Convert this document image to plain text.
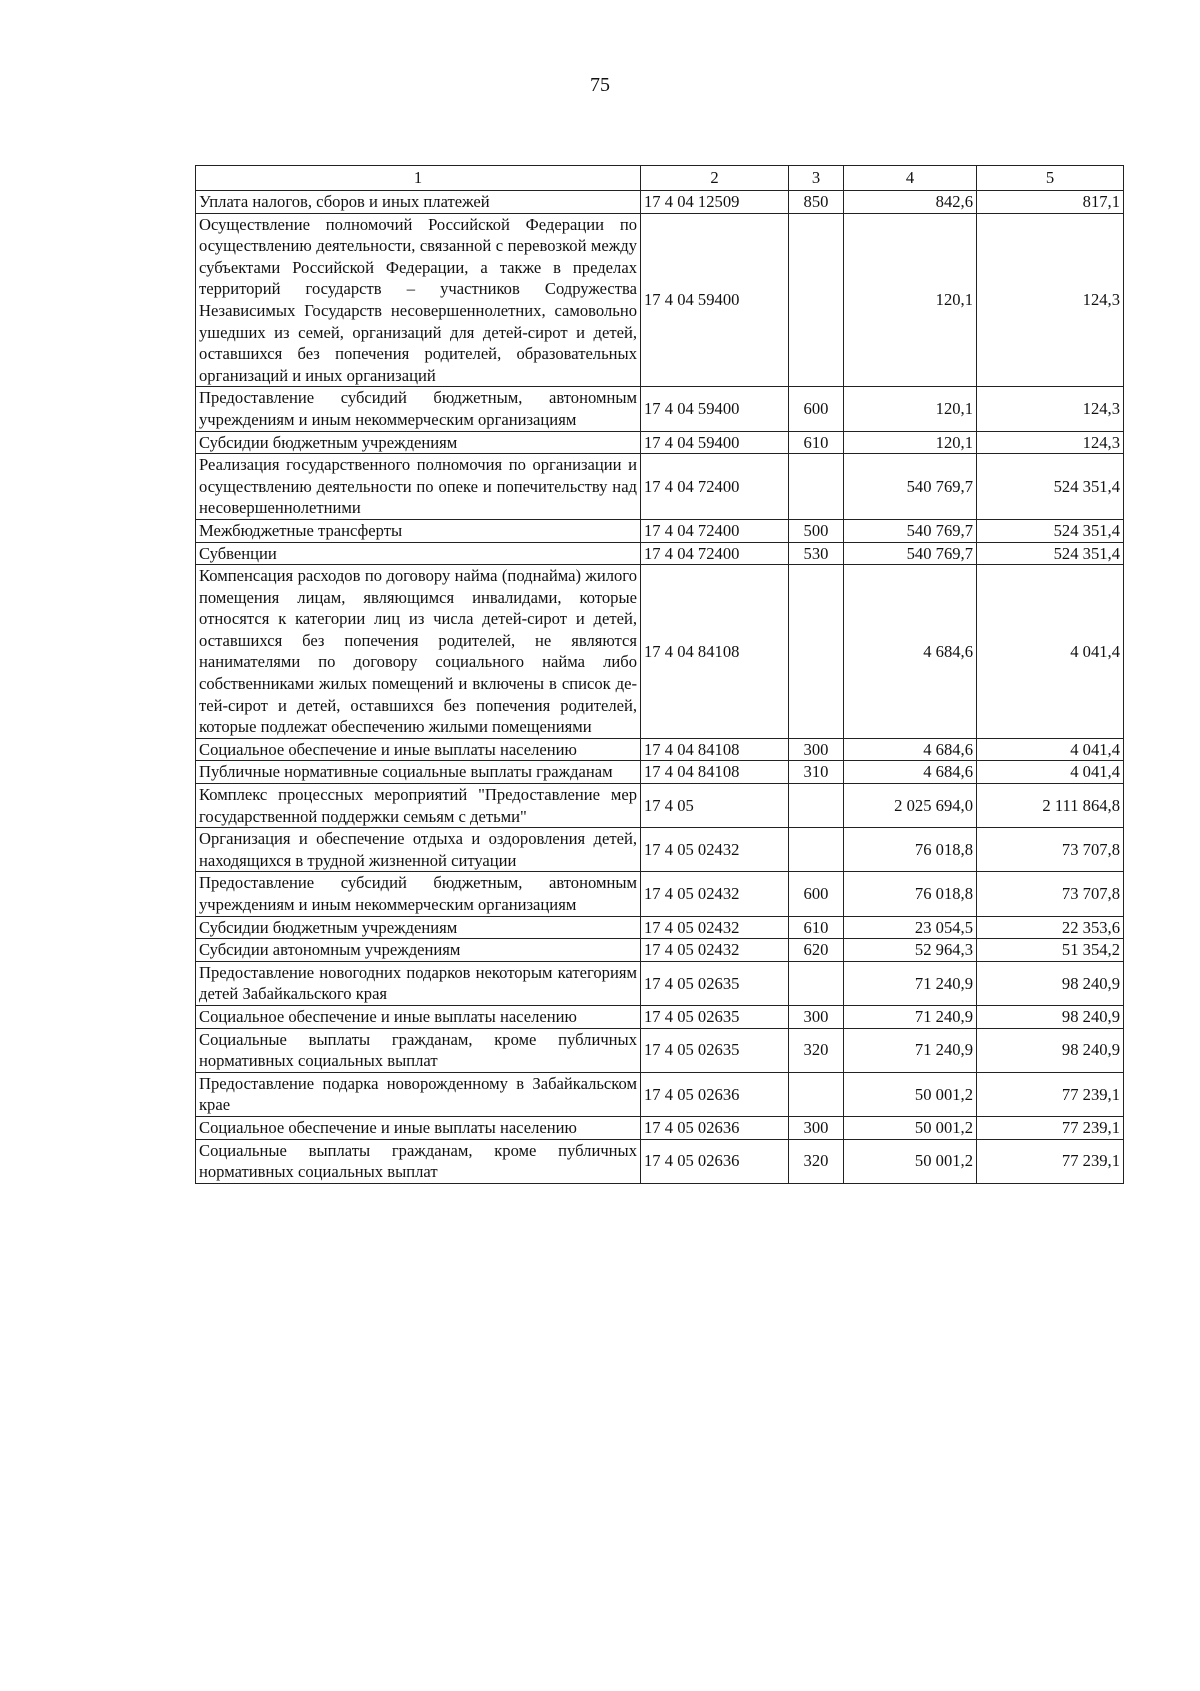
75
1	2	3	4	5
Уплата налогов, сборов и иных платежей	17 4 04 12509	850	842,6	817,1
Осуществление полномочий Российской Федерации по осуществлению деятельности, связанной с перевозкой между субъектами Российской Федерации, а также в пределах территорий государств – участников Содружества Независимых Государств несовершеннолетних, самовольно ушедших из семей, организаций для детей-сирот и детей, оставшихся без попечения родителей, образовательных организаций и иных организаций	17 4 04 59400		120,1	124,3
Предоставление субсидий бюджетным, автономным учреждениям и иным некоммерческим организациям	17 4 04 59400	600	120,1	124,3
Субсидии бюджетным учреждениям	17 4 04 59400	610	120,1	124,3
Реализация государственного полномочия по организации и осуществлению деятельности по опеке и попечительству над несовершеннолетними	17 4 04 72400		540 769,7	524 351,4
Межбюджетные трансферты	17 4 04 72400	500	540 769,7	524 351,4
Субвенции	17 4 04 72400	530	540 769,7	524 351,4
Компенсация расходов по договору найма (поднайма) жилого помещения лицам, являющимся инвалидами, которые относятся к категории лиц из числа детей-сирот и детей, оставшихся без попечения родителей, не являются нанимателями по договору социального найма либо собственниками жилых помещений и включены в список детей-сирот и детей, оставшихся без попечения родителей, которые подлежат обеспечению жилыми помещениями	17 4 04 84108		4 684,6	4 041,4
Социальное обеспечение и иные выплаты населению	17 4 04 84108	300	4 684,6	4 041,4
Публичные нормативные социальные выплаты гражданам	17 4 04 84108	310	4 684,6	4 041,4
Комплекс процессных мероприятий "Предоставление мер государственной поддержки семьям с детьми"	17 4 05		2 025 694,0	2 111 864,8
Организация и обеспечение отдыха и оздоровления детей, находящихся в трудной жизненной ситуации	17 4 05 02432		76 018,8	73 707,8
Предоставление субсидий бюджетным, автономным учреждениям и иным некоммерческим организациям	17 4 05 02432	600	76 018,8	73 707,8
Субсидии бюджетным учреждениям	17 4 05 02432	610	23 054,5	22 353,6
Субсидии автономным учреждениям	17 4 05 02432	620	52 964,3	51 354,2
Предоставление новогодних подарков некоторым категориям детей Забайкальского края	17 4 05 02635		71 240,9	98 240,9
Социальное обеспечение и иные выплаты населению	17 4 05 02635	300	71 240,9	98 240,9
Социальные выплаты гражданам, кроме публичных нормативных социальных выплат	17 4 05 02635	320	71 240,9	98 240,9
Предоставление подарка новорожденному в Забайкальском крае	17 4 05 02636		50 001,2	77 239,1
Социальное обеспечение и иные выплаты населению	17 4 05 02636	300	50 001,2	77 239,1
Социальные выплаты гражданам, кроме публичных нормативных социальных выплат	17 4 05 02636	320	50 001,2	77 239,1
